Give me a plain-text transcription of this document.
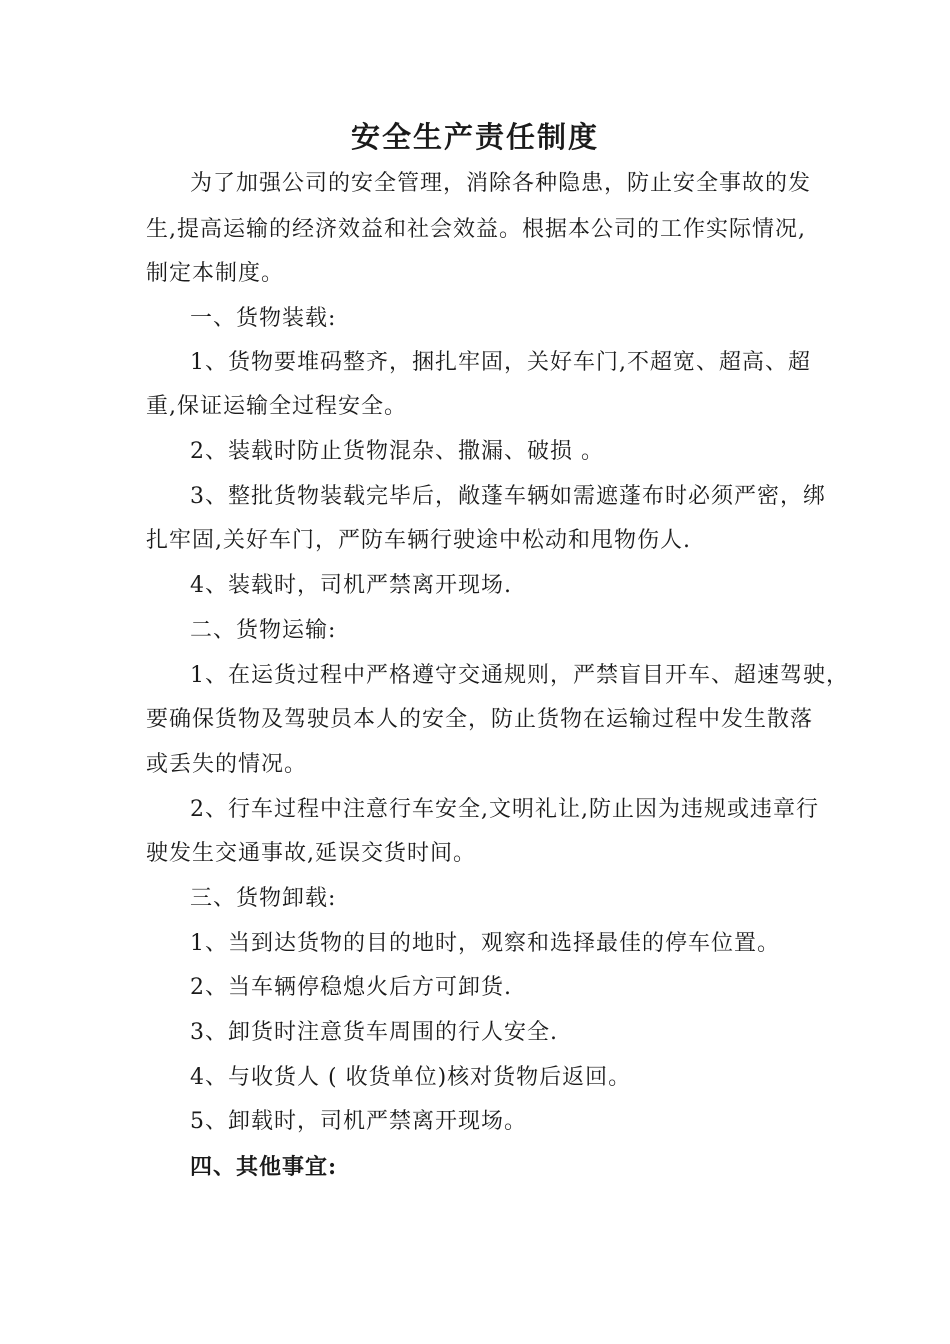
安全生产责任制度
为了加强公司的安全管理，消除各种隐患，防止安全事故的发
生,提高运输的经济效益和社会效益。根据本公司的工作实际情况,
制定本制度。
一、货物装载:
1、货物要堆码整齐，捆扎牢固，关好车门,不超宽、超高、超
重,保证运输全过程安全。
2、装载时防止货物混杂、撒漏、破损 。
3、整批货物装载完毕后，敞蓬车辆如需遮蓬布时必须严密，绑
扎牢固,关好车门，严防车辆行驶途中松动和甩物伤人.
4、装载时，司机严禁离开现场.
二、货物运输:
1、在运货过程中严格遵守交通规则，严禁盲目开车、超速驾驶，
要确保货物及驾驶员本人的安全，防止货物在运输过程中发生散落
或丢失的情况。
2、行车过程中注意行车安全,文明礼让,防止因为违规或违章行
驶发生交通事故,延误交货时间。
三、货物卸载:
1、当到达货物的目的地时，观察和选择最佳的停车位置。
2、当车辆停稳熄火后方可卸货.
3、卸货时注意货车周围的行人安全.
4、与收货人 ( 收货单位)核对货物后返回。
5、卸载时，司机严禁离开现场。
四、其他事宜:
